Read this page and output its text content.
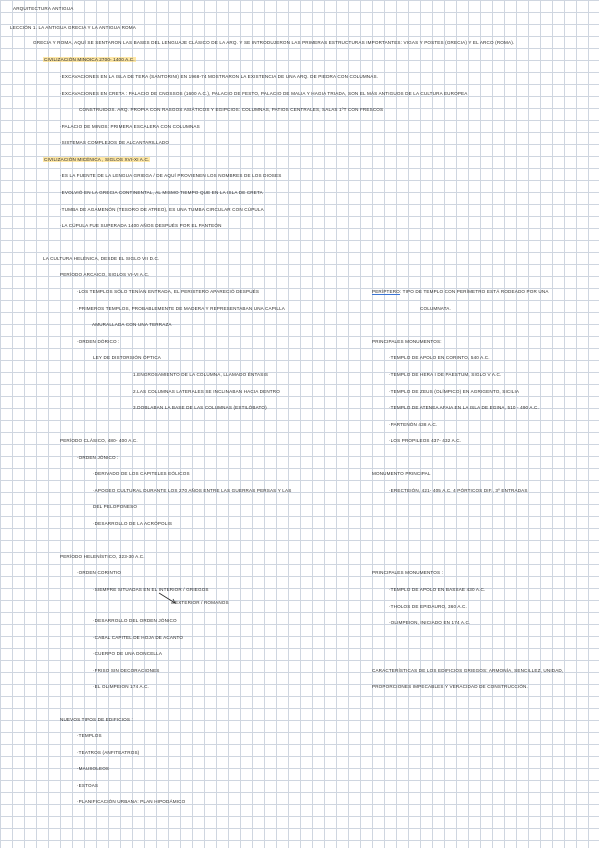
ARQUITECTURA ANTIGUA
LECCIÓN 1. LA ANTIGUA GRECIA Y LA ANTIGUA ROMA
GRECIA Y ROMA, AQUÍ SE SENTARON LAS BASES DEL LENGUAJE CLÁSICO DE LA ARQ. Y SE INTRODUJERON LAS PRIMERAS ESTRUCTURAS IMPORTANTES: VIGAS Y POSTES (GRECIA) Y EL ARCO (ROMA).
CIVILIZACIÓN MINOICA 2700- 1400 A.C.
·EXCAVACIONES EN LA ISLA DE TERA (SANTORINI) EN 1968-74 MOSTRARON LA EXISTENCIA DE UNA ARQ. DE PIEDRA CON COLUMNAS.
·EXCAVACIONES EN CRETA : PALACIO DE CNOSSOS (1600 A.C.), PALACIO DE FESTO, PALACIO DE MALIA Y HAGIA TRIADA, SON EL MÁS ANTIGUOS DE LA CULTURA EUROPEA
CONSTRUIDOS. ARQ. PROPIA CON RASGOS ASIÁTICOS Y EGIPCIOS: COLUMNAS, PATIOS CENTRALES, SALAS 1ºT CON FRESCOS
·PALACIO DE MINOS: PRIMERA ESCALERA CON COLUMNAS
·SISTEMAS COMPLEJOS DE ALCANTARILLADO
CIVILIZACIÓN MICÉNICA , SIGLOS XVI-XI A.C.
·ES LA FUENTE DE LA LENGUA GRIEGA / DE AQUÍ PROVIENEN LOS NOMBRES DE LOS DIOSES
·EVOLVIÓ EN LA GRECIA CONTINENTAL, AL MISMO TIEMPO QUE EN LA ISLA DE CRETA
·TUMBA DE AGAMENÓN (TESORO DE ATREO), ES UNA TUMBA CIRCULAR CON CÚPULA
·LA CÚPULA FUE SUPERADA 1400 AÑOS DESPUÉS POR EL PANTEÓN
LA CULTURA HELÉNICA, DESDE EL SIGLO VII D.C.
PERÍODO ARCAICO, SIGLOS VI-VI A.C.
·LOS TEMPLOS SÓLO TENÍAN ENTRADA, EL PERISTERO APARECIÓ DESPUÉS
·PRIMEROS TEMPLOS, PROBABLEMENTE DE MADERA Y REPRESENTABAN UNA CAPILLA
AMURALLADA CON UNA TERRAZA
·ORDEN DÓRICO :
LEY DE DISTORSIÓN ÓPTICA
1.ENGROSAMIENTO DE LA COLUMNA, LLAMADO ÉNTASIS
2.LAS COLUMNAS LATERALES SE INCLINABAN HACIA DENTRO
3.DOBLABAN LA BASE DE LAS COLUMNAS (ESTILÓBATO)
PERÍODO CLÁSICO, 480- 400 A.C.
·ORDEN JÓNICO :
·DERIVADO DE LOS CAPITELES EÓLICOS
·APOGEO CULTURAL DURANTE LOS 270 AÑOS ENTRE LAS GUERRAS PERSAS Y LAS
DEL PELOPONESO
·DESARROLLO DE LA ACRÓPOLIS
PERÍODO HELENÍSTICO, 323-30 A.C.
·ORDEN CORINTIO
·SIEMPRE SITUADAS EN EL INTERIOR / GRIEGOS
EXTERIOR / ROMANOS
·DESARROLLO DEL ORDEN JÓNICO
·CABAL CAPITEL DE HOJA DE ACANTO
·CUERPO DE UNA DONCELLA
·FRISO SIN DECORACIONES
·EL OLIMPEION 174 A.C.
NUEVOS TIPOS DE EDIFICIOS :
·TEMPLOS
·TEATROS (ANFITEATROS)
·MAUSOLEOS
·ESTOAS
·PLANIFICACIÓN URBANA: PLAN HIPODÁMICO
PERÍPTERO: TIPO DE TEMPLO CON PERÍMETRO ESTÁ RODEADO POR UNA
COLUMNATA.
PRINCIPALES MONUMENTOS:
·TEMPLO DE APOLO EN CORINTO, 540 A.C.
·TEMPLO DE HERA I DE PAESTUM, SIGLO V A.C.
·TEMPLO DE ZEUS (OLÍMPICO) EN AGRIGENTO, SICILIA
·TEMPLO DE ATENEA AFAIA EN LA ISLA DE EGINA, 510 - 490 A.C.
·PARTENÓN 438 A.C.
·LOS PROPILEOS 437- 432 A.C.
MONUMENTO PRINCIPAL
·ERECTEIÓN, 421- 405 A.C. 4 PÓRTICOS DIF., 3º ENTRADAS
PRINCIPALES MONUMENTOS :
·TEMPLO DE APOLO EN BASSAE 430 A.C.
·THOLOS DE EPIDAURO, 360 A.C.
·OLIMPEION, INICIADO EN 174 A.C.
CARACTERÍSTICAS DE LOS EDIFICIOS GRIEGOS: ARMONÍA, SENCILLEZ, UNIDAD,
PROPORCIONES IMPECABLES Y VERACIDAD DE CONSTRUCCIÓN.
